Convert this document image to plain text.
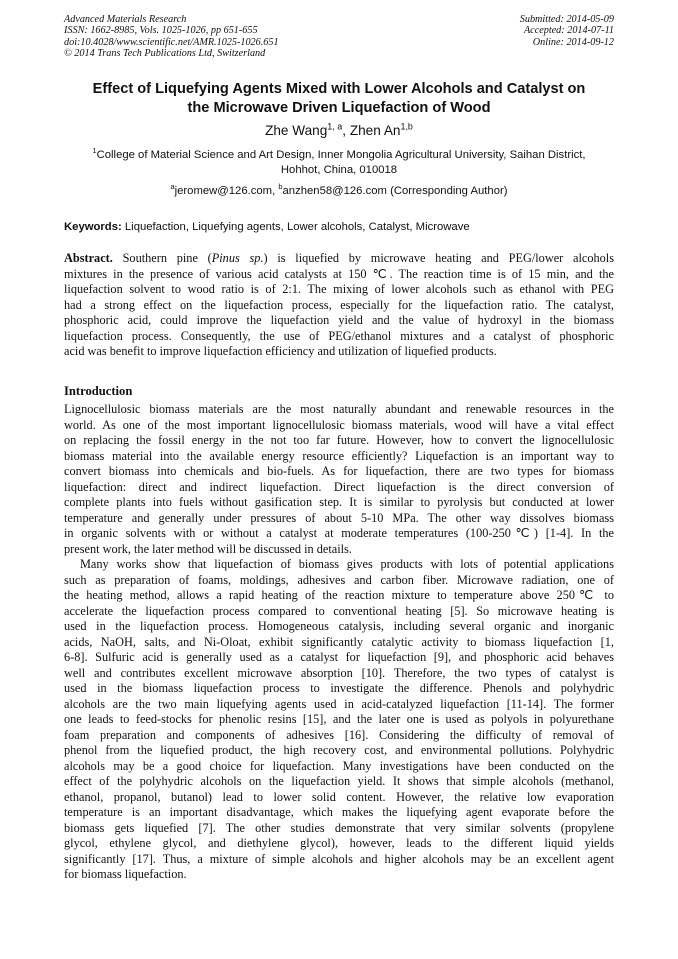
Advanced Materials Research
ISSN: 1662-8985, Vols. 1025-1026, pp 651-655
doi:10.4028/www.scientific.net/AMR.1025-1026.651
© 2014 Trans Tech Publications Ltd, Switzerland
Submitted: 2014-05-09
Accepted: 2014-07-11
Online: 2014-09-12
Effect of Liquefying Agents Mixed with Lower Alcohols and Catalyst on
the Microwave Driven Liquefaction of Wood
Zhe Wang$^{1, a}$, Zhen An$^{1,b}$
$^1$College of Material Science and Art Design, Inner Mongolia Agricultural University, Saihan District,
Hohhot, China, 010018
$^a$jeromew@126.com, $^b$anzhen58@126.com (Corresponding Author)
Keywords: Liquefaction, Liquefying agents, Lower alcohols, Catalyst, Microwave
Abstract. Southern pine (Pinus sp.) is liquefied by microwave heating and PEG/lower alcohols
mixtures in the presence of various acid catalysts at 150 ℃. The reaction time is of 15 min, and the
liquefaction solvent to wood ratio is of 2:1. The mixing of lower alcohols such as ethanol with PEG
had a strong effect on the liquefaction process, especially for the liquefaction ratio. The catalyst,
phosphoric acid, could improve the liquefaction yield and the value of hydroxyl in the biomass
liquefaction process. Consequently, the use of PEG/ethanol mixtures and a catalyst of phosphoric
acid was benefit to improve liquefaction efficiency and utilization of liquefied products.
Introduction
Lignocellulosic biomass materials are the most naturally abundant and renewable resources in the
world. As one of the most important lignocellulosic biomass materials, wood will have a vital effect
on replacing the fossil energy in the not too far future. However, how to convert the lignocellulosic
biomass material into the available energy resource efficiently? Liquefaction is an important way to
convert biomass into chemicals and bio-fuels. As for liquefaction, there are two types for biomass
liquefaction: direct and indirect liquefaction. Direct liquefaction is the direct conversion of
complete plants into fuels without gasification step. It is similar to pyrolysis but conducted at lower
temperature and generally under pressures of about 5-10 MPa. The other way dissolves biomass
in organic solvents with or without a catalyst at moderate temperatures (100-250℃) [1-4]. In the
present work, the later method will be discussed in details.
Many works show that liquefaction of biomass gives products with lots of potential applications
such as preparation of foams, moldings, adhesives and carbon fiber. Microwave radiation, one of
the heating method, allows a rapid heating of the reaction mixture to temperature above 250℃ to
accelerate the liquefaction process compared to conventional heating [5]. So microwave heating is
used in the liquefaction process. Homogeneous catalysis, including several organic and inorganic
acids, NaOH, salts, and Ni-Oloat, exhibit significantly catalytic activity to biomass liquefaction [1,
6-8]. Sulfuric acid is generally used as a catalyst for liquefaction [9], and phosphoric acid behaves
well and contributes excellent microwave absorption [10]. Therefore, the two types of catalyst is
used in the biomass liquefaction process to investigate the difference. Phenols and polyhydric
alcohols are the two main liquefying agents used in acid-catalyzed liquefaction [11-14]. The former
one leads to feed-stocks for phenolic resins [15], and the later one is used as polyols in polyurethane
foam preparation and components of adhesives [16]. Considering the difficulty of removal of
phenol from the liquefied product, the high recovery cost, and environmental pollutions. Polyhydric
alcohols may be a good choice for liquefaction. Many investigations have been conducted on the
effect of the polyhydric alcohols on the liquefaction yield. It shows that simple alcohols (methanol,
ethanol, propanol, butanol) lead to lower solid content. However, the relative low evaporation
temperature is an important disadvantage, which makes the liquefying agent evaporate before the
biomass gets liquefied [7]. The other studies demonstrate that very similar solvents (propylene
glycol, ethylene glycol, and diethylene glycol), however, leads to the different liquid yields
significantly [17]. Thus, a mixture of simple alcohols and higher alcohols may be an excellent agent
for biomass liquefaction.
